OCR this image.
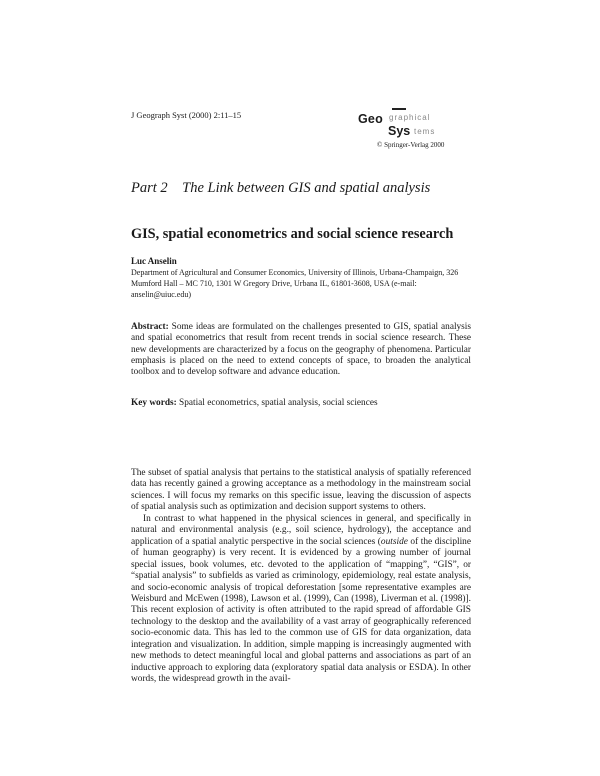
J Geograph Syst (2000) 2:11–15	Geo graphical
Sys tems
© Springer-Verlag 2000
Part 2    The Link between GIS and spatial analysis
GIS, spatial econometrics and social science research
Luc Anselin
Department of Agricultural and Consumer Economics, University of Illinois, Urbana-Champaign, 326 Mumford Hall – MC 710, 1301 W Gregory Drive, Urbana IL, 61801-3608, USA (e-mail: anselin@uiuc.edu)
Abstract: Some ideas are formulated on the challenges presented to GIS, spatial analysis and spatial econometrics that result from recent trends in social science research. These new developments are characterized by a focus on the geography of phenomena. Particular emphasis is placed on the need to extend concepts of space, to broaden the analytical toolbox and to develop software and advance education.
Key words: Spatial econometrics, spatial analysis, social sciences

The subset of spatial analysis that pertains to the statistical analysis of spatially referenced data has recently gained a growing acceptance as a methodology in the mainstream social sciences. I will focus my remarks on this specific issue, leaving the discussion of aspects of spatial analysis such as optimization and decision support systems to others.

In contrast to what happened in the physical sciences in general, and specifically in natural and environmental analysis (e.g., soil science, hydrology), the acceptance and application of a spatial analytic perspective in the social sciences (outside of the discipline of human geography) is very recent. It is evidenced by a growing number of journal special issues, book volumes, etc. devoted to the application of “mapping”, “GIS”, or “spatial analysis” to subfields as varied as criminology, epidemiology, real estate analysis, and socio-economic analysis of tropical deforestation [some representative examples are Weisburd and McEwen (1998), Lawson et al. (1999), Can (1998), Liverman et al. (1998)]. This recent explosion of activity is often attributed to the rapid spread of affordable GIS technology to the desktop and the availability of a vast array of geographically referenced socio-economic data. This has led to the common use of GIS for data organization, data integration and visualization. In addition, simple mapping is increasingly augmented with new methods to detect meaningful local and global patterns and associations as part of an inductive approach to exploring data (exploratory spatial data analysis or ESDA). In other words, the widespread growth in the avail-
